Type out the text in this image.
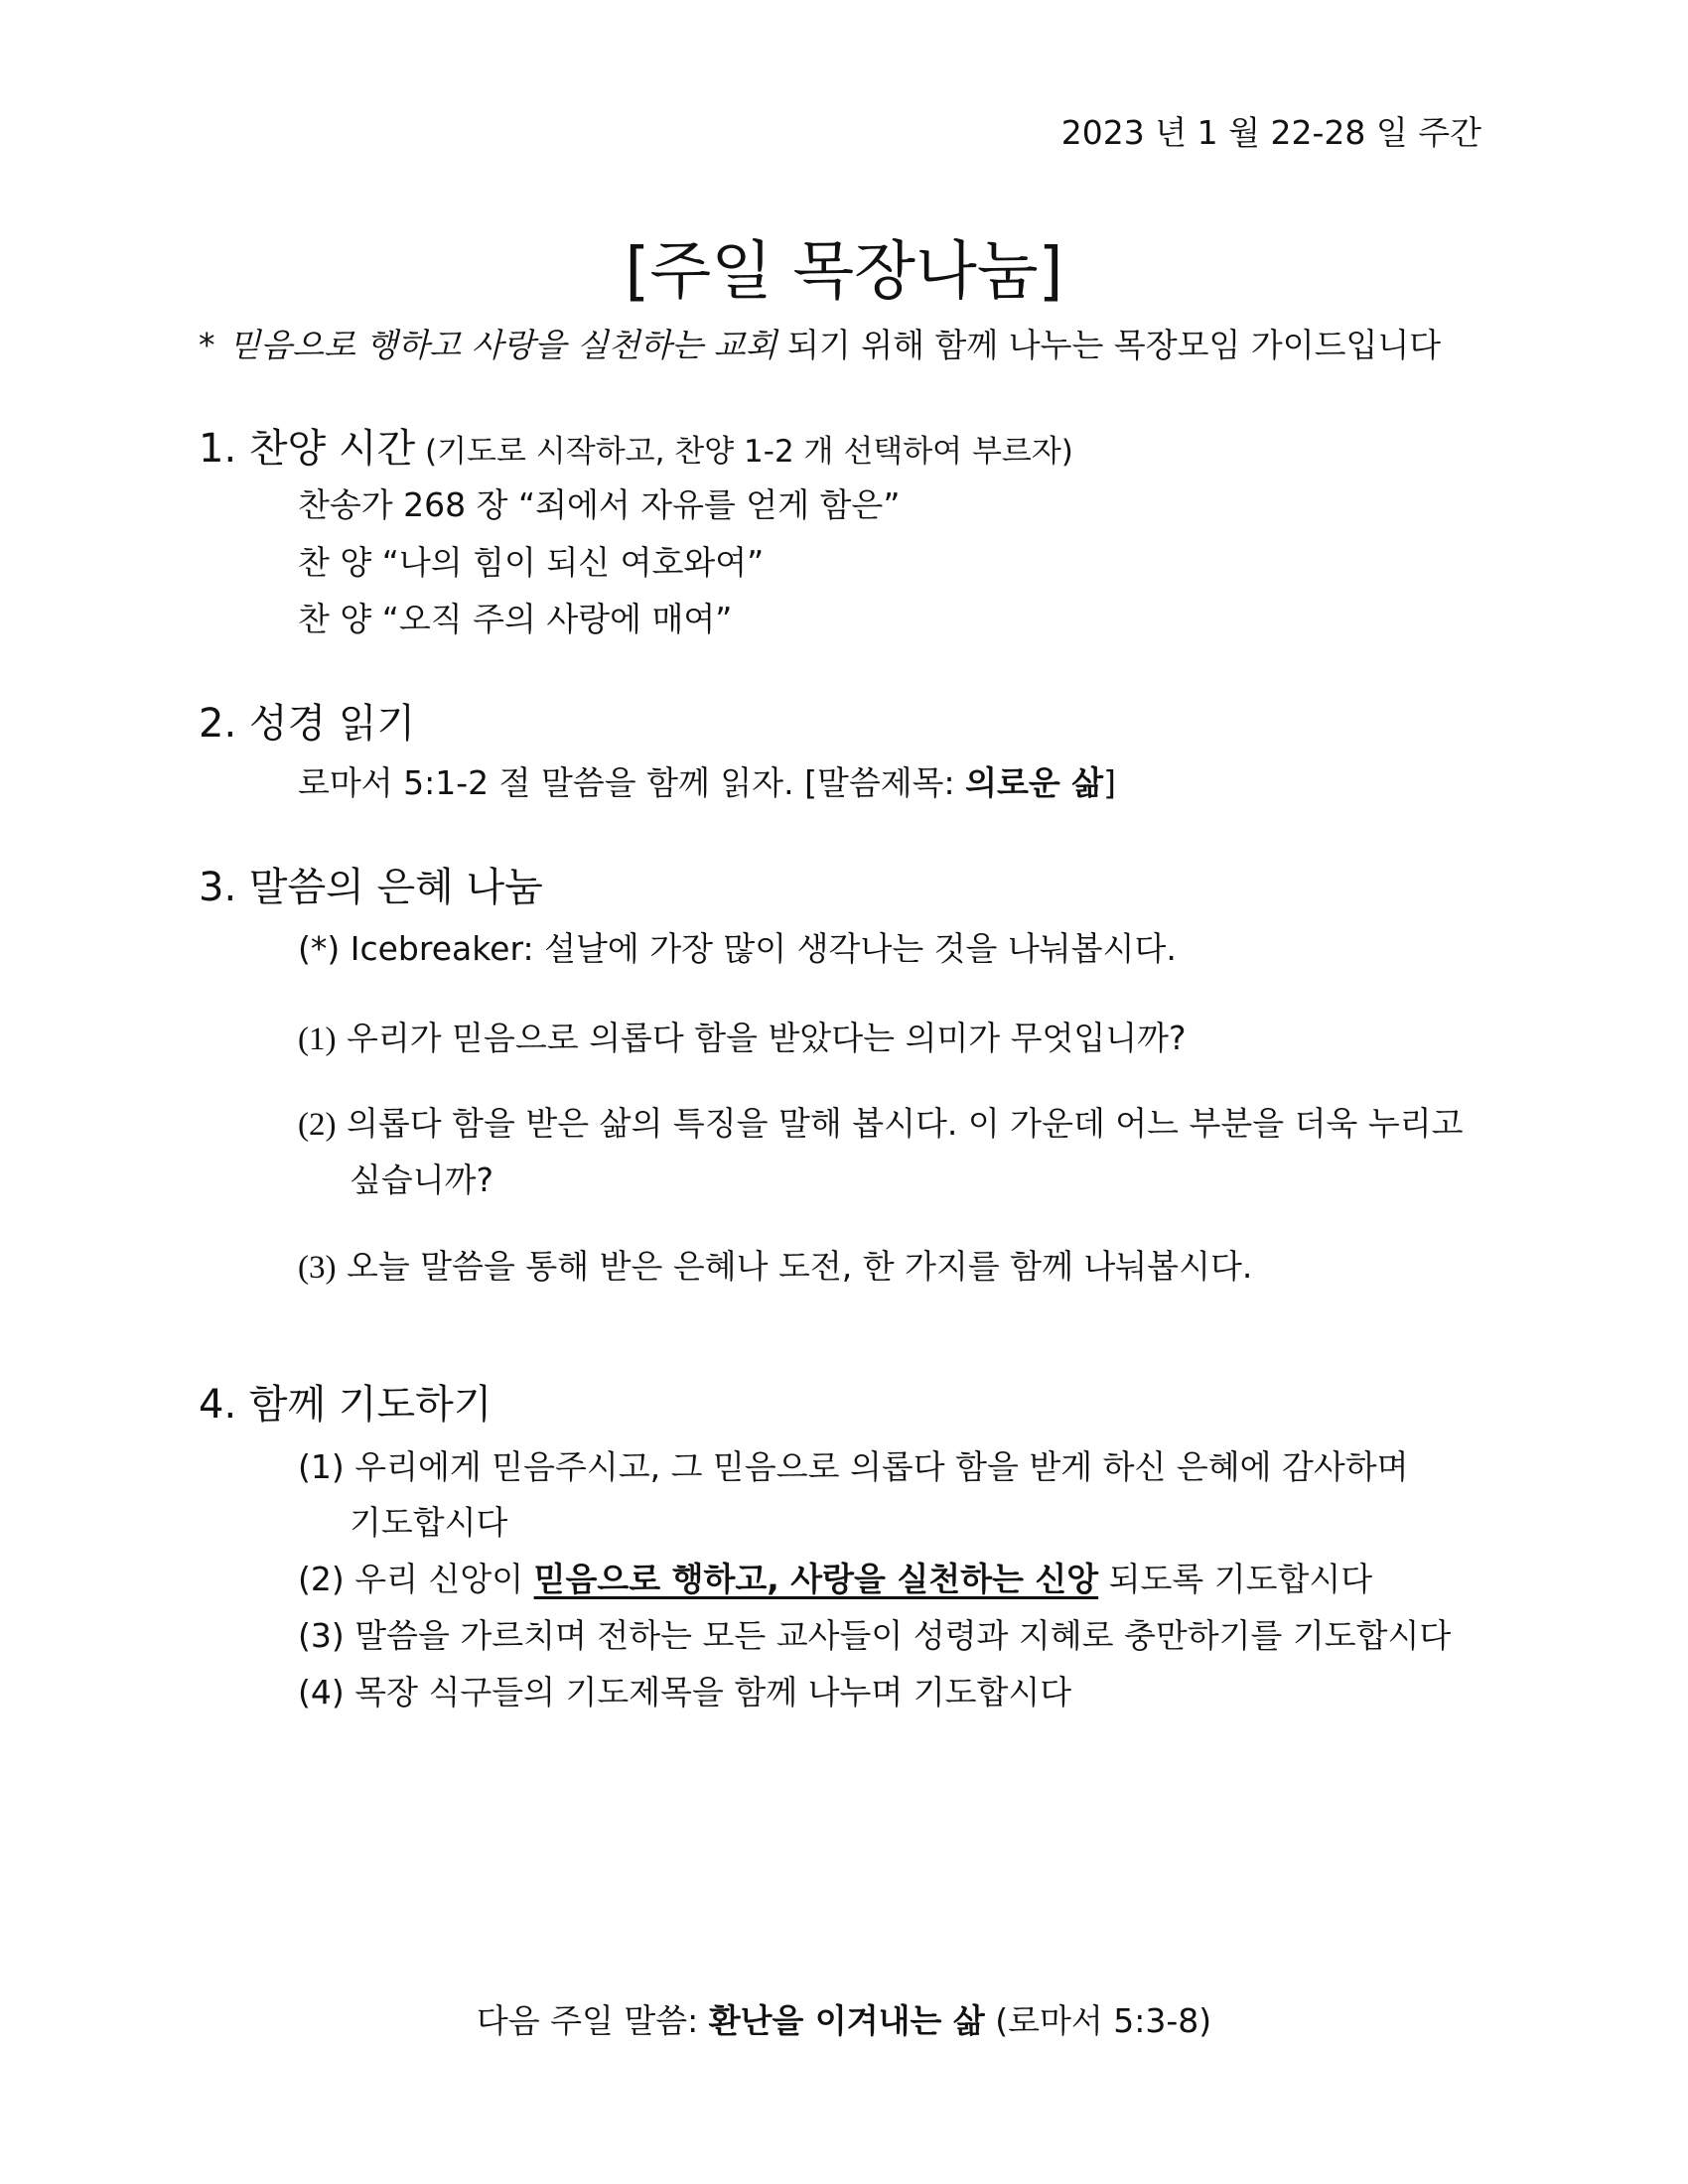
2023 년 1 월 22-28 일 주간
[주일 목장나눔]
* 믿음으로 행하고 사랑을 실천하는 교회 되기 위해 함께 나누는 목장모임 가이드입니다
1. 찬양 시간 (기도로 시작하고, 찬양 1-2 개 선택하여 부르자)
찬송가 268 장 “죄에서 자유를 얻게 함은”
찬 양 “나의 힘이 되신 여호와여”
찬 양 “오직 주의 사랑에 매여”
2. 성경 읽기
로마서 5:1-2 절 말씀을 함께 읽자. [말씀제목: 의로운 삶]
3. 말씀의 은혜 나눔
(*) Icebreaker: 설날에 가장 많이 생각나는 것을 나눠봅시다.
(1) 우리가 믿음으로 의롭다 함을 받았다는 의미가 무엇입니까?
(2) 의롭다 함을 받은 삶의 특징을 말해 봅시다. 이 가운데 어느 부분을 더욱 누리고
싶습니까?
(3) 오늘 말씀을 통해 받은 은혜나 도전, 한 가지를 함께 나눠봅시다.
4. 함께 기도하기
(1) 우리에게 믿음주시고, 그 믿음으로 의롭다 함을 받게 하신 은혜에 감사하며
기도합시다
(2) 우리 신앙이 믿음으로 행하고, 사랑을 실천하는 신앙 되도록 기도합시다
(3) 말씀을 가르치며 전하는 모든 교사들이 성령과 지혜로 충만하기를 기도합시다
(4) 목장 식구들의 기도제목을 함께 나누며 기도합시다
다음 주일 말씀: 환난을 이겨내는 삶 (로마서 5:3-8)
